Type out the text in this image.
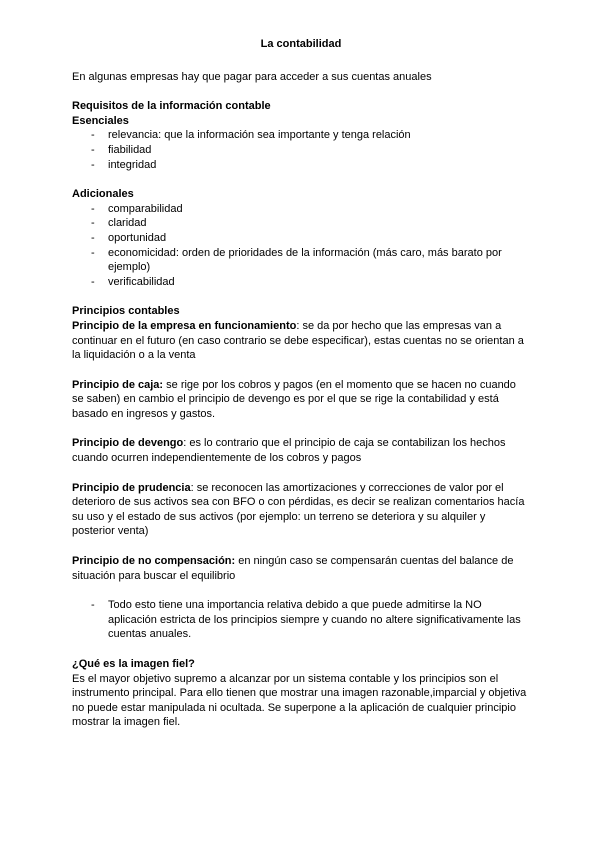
La contabilidad

En algunas empresas hay que pagar para acceder a sus cuentas anuales

Requisitos de la información contable

Esenciales

- relevancia: que la información sea importante y tenga relación
- fiabilidad
- integridad

Adicionales

- comparabilidad
- claridad
- oportunidad
- economicidad: orden de prioridades de la información (más caro, más barato por ejemplo)
- verificabilidad

Principios contables

Principio de la empresa en funcionamiento: se da por hecho que las empresas van a continuar en el futuro (en caso contrario se debe especificar), estas cuentas no se orientan a la liquidación o a la venta

Principio de caja: se rige por los cobros y pagos (en el momento que se hacen no cuando se saben) en cambio el principio de devengo es por el que se rige la contabilidad y está basado en ingresos y gastos.

Principio de devengo: es lo contrario que el principio de caja se contabilizan los hechos cuando ocurren independientemente de los cobros y pagos

Principio de prudencia: se reconocen las amortizaciones y correcciones de valor por el deterioro de sus activos sea con BFO o con pérdidas, es decir se realizan comentarios hacía su uso y el estado de sus activos (por ejemplo: un terreno se deteriora y su alquiler y posterior venta)

Principio de no compensación: en ningún caso se compensarán cuentas del balance de situación para buscar el equilibrio

- Todo esto tiene una importancia relativa debido a que puede admitirse la NO aplicación estricta de los principios siempre y cuando no altere significativamente las cuentas anuales.

¿Qué es la imagen fiel?

Es el mayor objetivo supremo a alcanzar por un sistema contable y los principios son el instrumento principal. Para ello tienen que mostrar una imagen razonable,imparcial y objetiva no puede estar manipulada ni ocultada. Se superpone a la aplicación de cualquier principio mostrar la imagen fiel.
